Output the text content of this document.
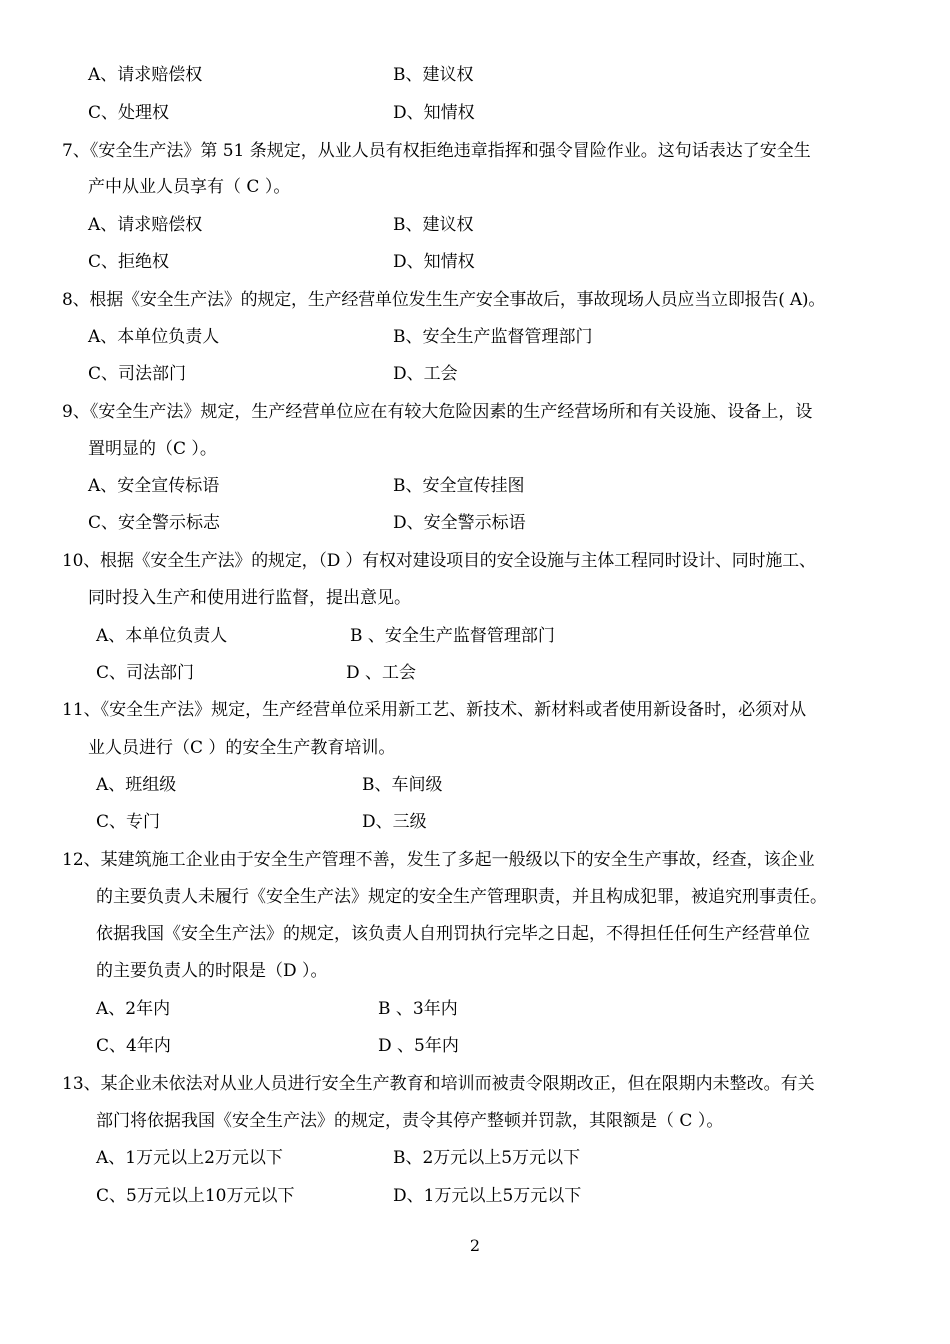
A、请求赔偿权	B、建议权
C、处理权	D、知情权
7、《安全生产法》第 51 条规定，从业人员有权拒绝违章指挥和强令冒险作业。这句话表达了安全生
产中从业人员享有（ C ）。
A、请求赔偿权	B、建议权
C、拒绝权	D、知情权
8、根据《安全生产法》的规定，生产经营单位发生生产安全事故后，事故现场人员应当立即报告( A)。
A、本单位负责人	B、安全生产监督管理部门
C、司法部门	D、工会
9、《安全生产法》规定，生产经营单位应在有较大危险因素的生产经营场所和有关设施、设备上，设
置明显的（C ）。
A、安全宣传标语	B、安全宣传挂图
C、安全警示标志	D、安全警示标语
10、根据《安全生产法》的规定，（D ）有权对建设项目的安全设施与主体工程同时设计、同时施工、
同时投入生产和使用进行监督，提出意见。
A、本单位负责人	B 、安全生产监督管理部门
C、司法部门	D 、工会
11、《安全生产法》规定，生产经营单位采用新工艺、新技术、新材料或者使用新设备时，必须对从
业人员进行（C ）的安全生产教育培训。
A、班组级	B、车间级
C、专门	D、三级
12、某建筑施工企业由于安全生产管理不善，发生了多起一般级以下的安全生产事故，经查，该企业
的主要负责人未履行《安全生产法》规定的安全生产管理职责，并且构成犯罪，被追究刑事责任。
依据我国《安全生产法》的规定，该负责人自刑罚执行完毕之日起，不得担任任何生产经营单位
的主要负责人的时限是（D ）。
A、2年内	B 、3年内
C、4年内	D 、5年内
13、某企业未依法对从业人员进行安全生产教育和培训而被责令限期改正，但在限期内未整改。有关
部门将依据我国《安全生产法》的规定，责令其停产整顿并罚款，其限额是（ C ）。
A、1万元以上2万元以下	B、2万元以上5万元以下
C、5万元以上10万元以下	D、1万元以上5万元以下
2
